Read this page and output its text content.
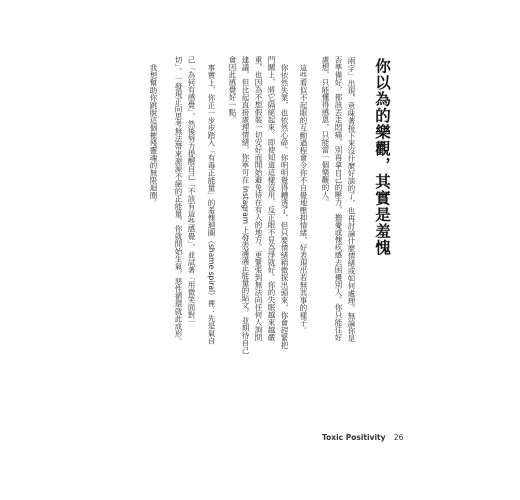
你以為的樂觀，其實是羞愧
兩字」出現，意味著接下來沒什麼好談的了，也再討論什麼情緒或如何處理。無論你是
否準備好，都該丟走悶痛，別再拿自己的壓力，擔憂或愧疚感去困擾別人。你只能往好
處想，只能懂得感恩，只能當一個樂觀的人。
這些看似不起眼的互動過程會令你不自覺地壓抑情緒，好表現出若無其事的樣子。
你依然失業，也依然心碎。你明明覺得糟透了，但只要情緒稍微探出頭來，你會趕緊把
門關上，將它隔絕起來。即使知道這樣沒用，反正眼不見為淨就好。你的失眠越來越嚴
重，也因為不想假裝一切安好而開始避免待在有人的地方。更緊張到無法向任何人詢問
建議，但比起直接處理情緒，你寧可在 Instagram 上發表滿滿正能量的貼文，並期待自己
會因此感覺好一點。
事實上，你正一步步踏入「有毒正能量」的羞愧迴圈（shame spiral）裡：先是氣自
己「為何有感覺」，然後努力提醒自己「不該有這些感覺」，並試著「用微笑面對一
切」。一發現正向思考無法帶來源源不絕的正能量，你就開始生氣，惡性循環就此成形。
我想幫助你跳脫這個摧殘靈魂的無限迴圈。
Toxic Positivity 26
